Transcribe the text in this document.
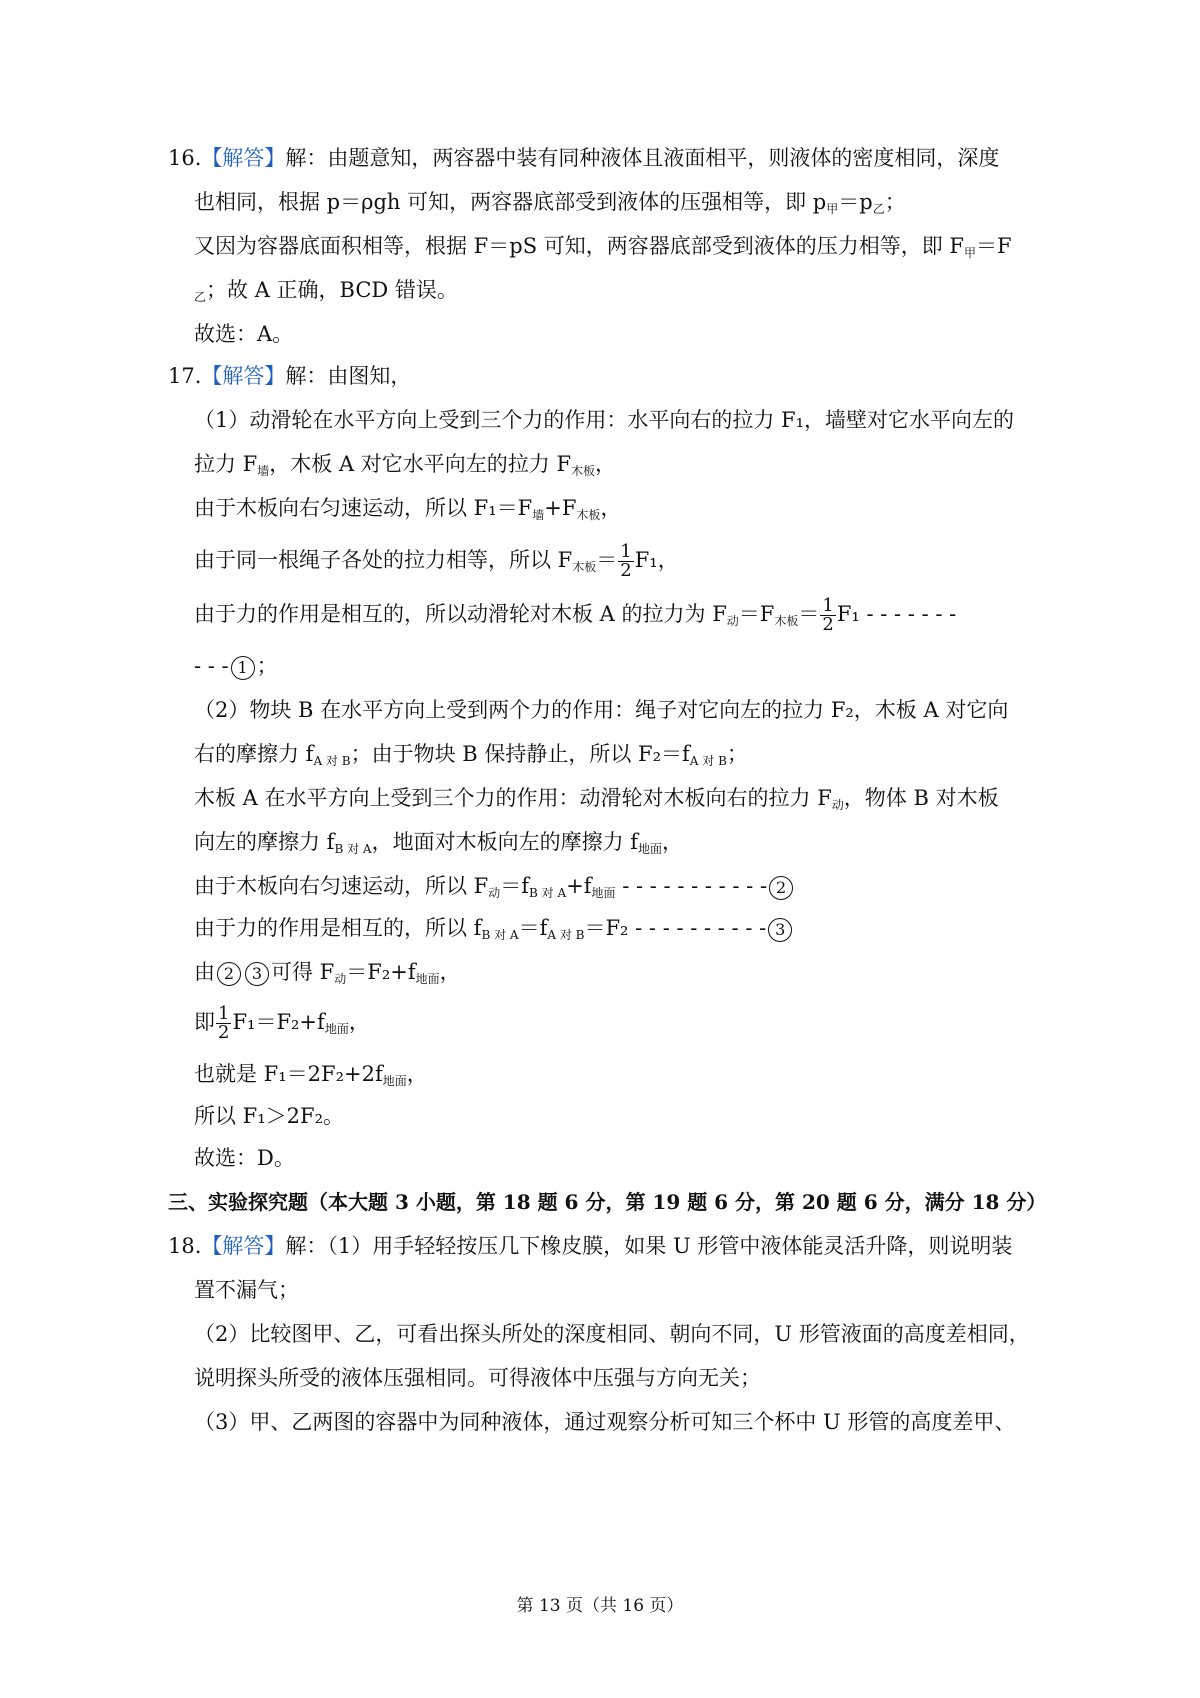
16.【解答】解：由题意知，两容器中装有同种液体且液面相平，则液体的密度相同，深度
也相同，根据 p＝ρgh 可知，两容器底部受到液体的压强相等，即 $p_甲=p_乙$；
又因为容器底面积相等，根据 F＝pS 可知，两容器底部受到液体的压力相等，即 $F_甲=F$
$_乙$；故 A 正确，BCD 错误。
故选：A。
17.【解答】解：由图知，
（1）动滑轮在水平方向上受到三个力的作用：水平向右的拉力 F₁，墙壁对它水平向左的
拉力 $F_墙$，木板 A 对它水平向左的拉力 $F_{木板}$，
由于木板向右匀速运动，所以 $F_1=F_墙+F_{木板}$，
由于同一根绳子各处的拉力相等，所以 $F_{木板}= \frac{1}{2} F_1$，
由于力的作用是相互的，所以动滑轮对木板 A 的拉力为 $F_动=F_{木板}= \frac{1}{2} F_1$ - - - - - - -
- - - 1 ；
（2）物块 B 在水平方向上受到两个力的作用：绳子对它向左的拉力 F₂，木板 A 对它向
右的摩擦力 $f_{A 对 B}$；由于物块 B 保持静止，所以 $F_2=f_{A 对 B}$；
木板 A 在水平方向上受到三个力的作用：动滑轮对木板向右的拉力 $F_动$，物体 B 对木板
向左的摩擦力 $f_{B 对 A}$，地面对木板向左的摩擦力 $f_{地面}$，
由于木板向右匀速运动，所以 $F_动=f_{B 对 A}+f_{地面}$ - - - - - - - - - - - 2
由于力的作用是相互的，所以 $f_{B 对 A}=f_{A 对 B}=F_2$ - - - - - - - - - - 3
由 2 3 可得 $F_动=F_2+f_{地面}$，
即 $\frac{1}{2} F_1=F_2+f_{地面}$，
也就是 $F_1=2F_2+2f_{地面}$，
所以 F₁＞2F₂。
故选：D。
三、实验探究题（本大题 3 小题，第 18 题 6 分，第 19 题 6 分，第 20 题 6 分，满分 18 分）
18.【解答】解：（1）用手轻轻按压几下橡皮膜，如果 U 形管中液体能灵活升降，则说明装
置不漏气；
（2）比较图甲、乙，可看出探头所处的深度相同、朝向不同，U 形管液面的高度差相同，
说明探头所受的液体压强相同。可得液体中压强与方向无关；
（3）甲、乙两图的容器中为同种液体，通过观察分析可知三个杯中 U 形管的高度差甲、
第 13 页（共 16 页）
